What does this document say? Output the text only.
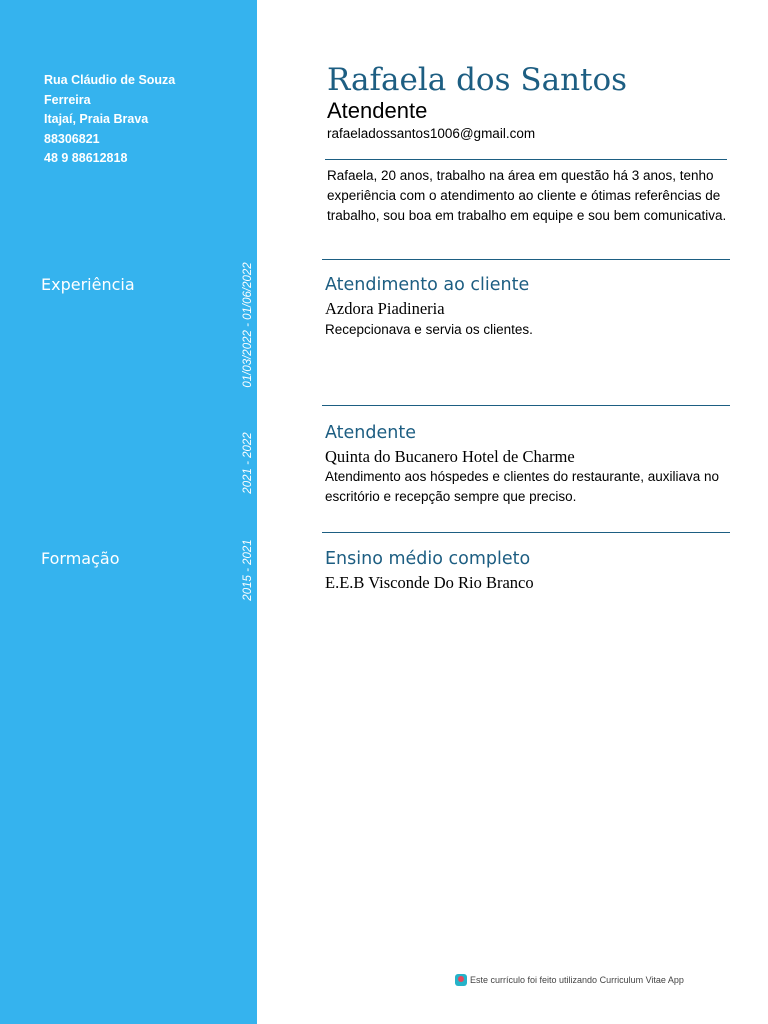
Rua Cláudio de Souza
Ferreira
Itajaí, Praia Brava
88306821
48 9 88612818
Experiência
Formação
01/03/2022 - 01/06/2022
2021 - 2022
2015 - 2021
Rafaela dos Santos
Atendente
rafaeladossantos1006@gmail.com
Rafaela, 20 anos, trabalho na área em questão há 3 anos, tenho experiência com o atendimento ao cliente e ótimas referências de trabalho, sou boa em trabalho em equipe e sou bem comunicativa.
Atendimento ao cliente
Azdora Piadineria
Recepcionava e servia os clientes.
Atendente
Quinta do Bucanero Hotel de Charme
Atendimento aos hóspedes e clientes do restaurante, auxiliava no escritório e recepção sempre que preciso.
Ensino médio completo
E.E.B Visconde Do Rio Branco
Este currículo foi feito utilizando Curriculum Vitae App
